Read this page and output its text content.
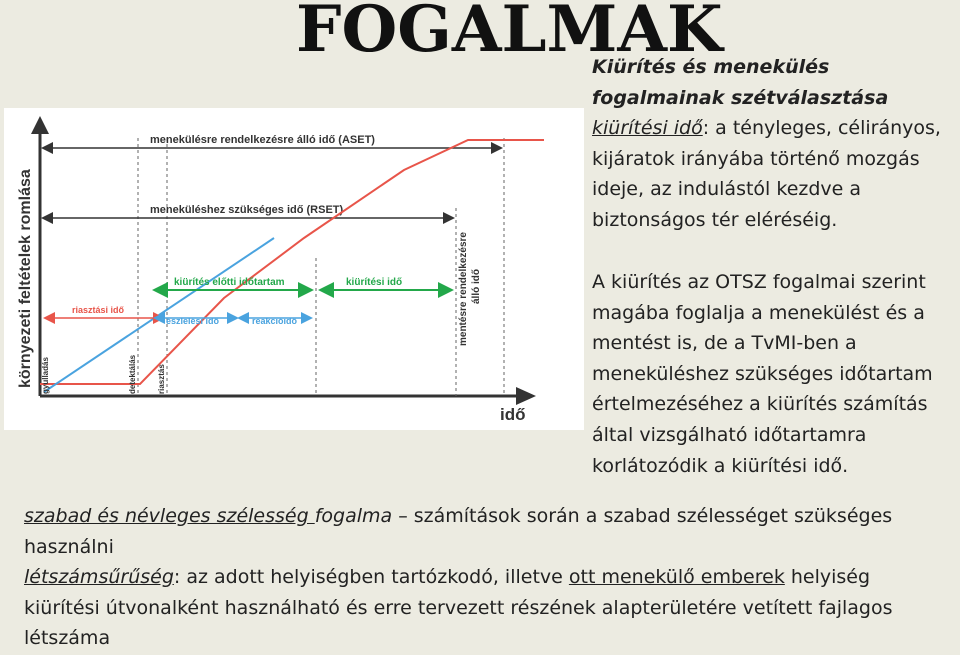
FOGALMAK
Kiürítés és menekülés fogalmainak szétválasztása
kiürítési idő: a tényleges, célirányos, kijáratok irányába történő mozgás ideje, az indulástól kezdve a biztonságos tér eléréséig.
A kiürítés az OTSZ fogalmai szerint magába foglalja a menekülést és a mentést is, de a TvMI-ben a meneküléshez szükséges időtartam értelmezéséhez a kiürítés számítás által vizsgálható időtartamra korlátozódik a kiürítési idő.
szabad és névleges szélesség fogalma – számítások során a szabad szélességet szükséges használni
létszámsűrűség: az adott helyiségben tartózkodó, illetve ott menekülő emberek helyiség kiürítési útvonalként használható és erre tervezett részének alapterületére vetített fajlagos létszáma
környezeti feltételek romlása
idő
menekülésre rendelkezésre álló idő (ASET)
meneküléshez szükséges idő (RSET)
kiürítés előtti időtartam	kiürítési idő
riasztási idő
észlelési idő	reakcióidő	mentésre rendelkezésre álló idő
gyulladás	detektálás	riasztás
